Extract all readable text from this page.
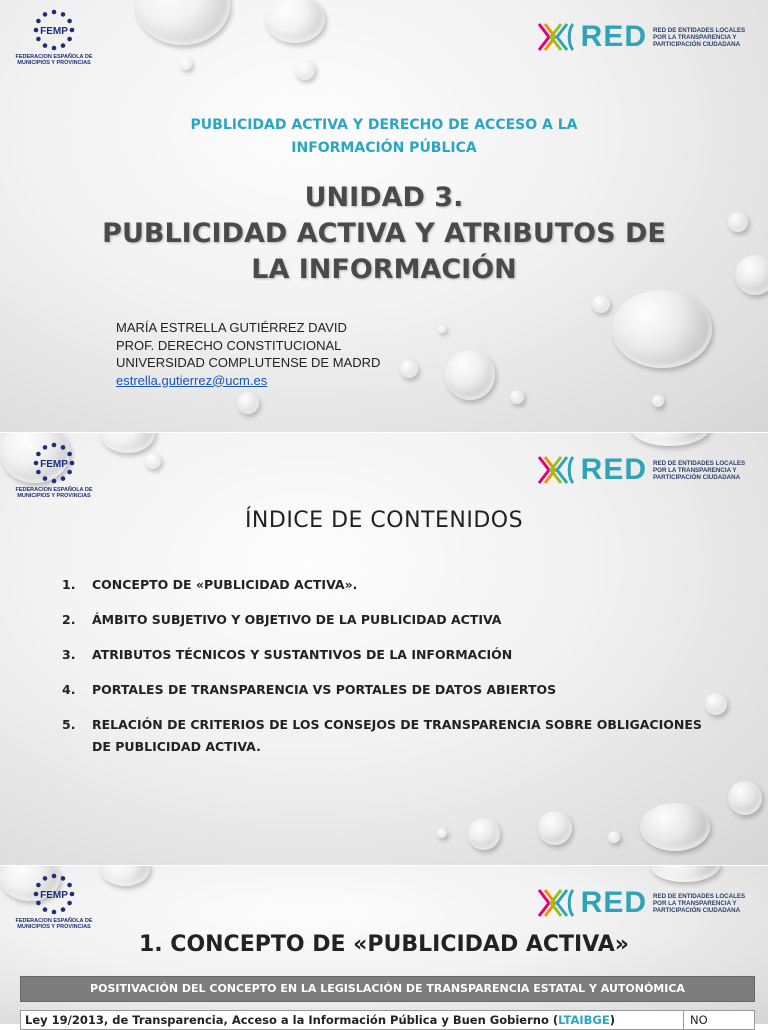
FEMP
FEDERACION ESPAÑOLA DE MUNICIPIOS Y PROVINCIAS
RED RED DE ENTIDADES LOCALES
POR LA TRANSPARENCIA Y
PARTICIPACIÓN CIUDADANA
PUBLICIDAD ACTIVA Y DERECHO DE ACCESO A LA
INFORMACIÓN PÚBLICA
UNIDAD 3.
PUBLICIDAD ACTIVA Y ATRIBUTOS DE
LA INFORMACIÓN
MARÍA ESTRELLA GUTIÉRREZ DAVID
PROF. DERECHO CONSTITUCIONAL
UNIVERSIDAD COMPLUTENSE DE MADRD
estrella.gutierrez@ucm.es
FEMP
FEDERACION ESPAÑOLA DE MUNICIPIOS Y PROVINCIAS
RED RED DE ENTIDADES LOCALES
POR LA TRANSPARENCIA Y
PARTICIPACIÓN CIUDADANA
ÍNDICE DE CONTENIDOS
1.	CONCEPTO DE «PUBLICIDAD ACTIVA».
2.	ÁMBITO SUBJETIVO Y OBJETIVO DE LA PUBLICIDAD ACTIVA
3.	ATRIBUTOS TÉCNICOS Y SUSTANTIVOS DE LA INFORMACIÓN
4.	PORTALES DE TRANSPARENCIA VS PORTALES DE DATOS ABIERTOS
5.	RELACIÓN DE CRITERIOS DE LOS CONSEJOS DE TRANSPARENCIA SOBRE OBLIGACIONES DE PUBLICIDAD ACTIVA.
FEMP
FEDERACION ESPAÑOLA DE MUNICIPIOS Y PROVINCIAS
RED RED DE ENTIDADES LOCALES
POR LA TRANSPARENCIA Y
PARTICIPACIÓN CIUDADANA
1. CONCEPTO DE «PUBLICIDAD ACTIVA»
POSITIVACIÓN DEL CONCEPTO EN LA LEGISLACIÓN DE TRANSPARENCIA ESTATAL Y AUTONÓMICA
Ley 19/2013, de Transparencia, Acceso a la Información Pública y Buen Gobierno (LTAIBGE)	NO
